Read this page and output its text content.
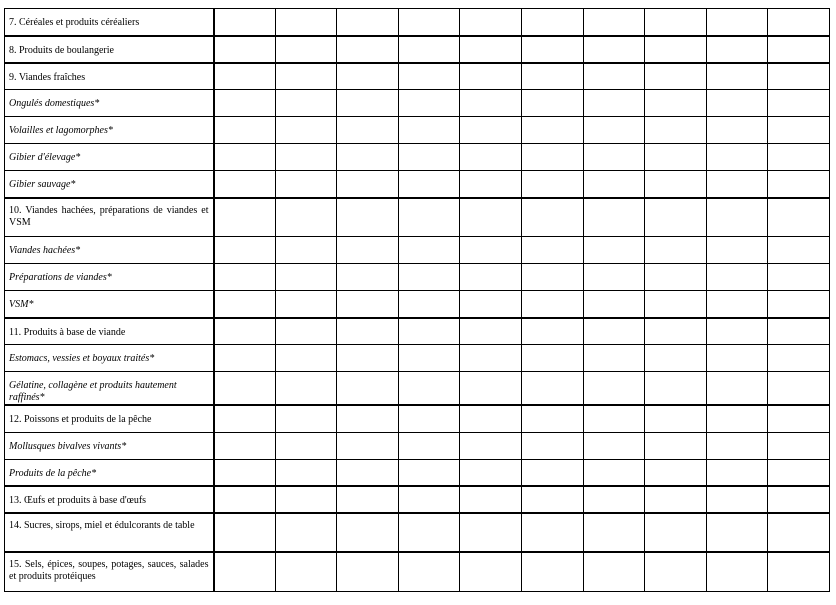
7. Céréales et produits céréaliers										
8. Produits de boulangerie										
9. Viandes fraîches										
Ongulés domestiques*										
Volailles et lagomorphes*										
Gibier d'élevage*										
Gibier sauvage*										
10. Viandes hachées, préparations de viandes et VSM										
Viandes hachées*										
Préparations de viandes*										
VSM*										
11. Produits à base de viande										
Estomacs, vessies et boyaux traités*										
Gélatine, collagène et produits hautement raffinés*										
12. Poissons et produits de la pêche										
Mollusques bivalves vivants*										
Produits de la pêche*										
13. Œufs et produits à base d'œufs										
14. Sucres, sirops, miel et édulcorants de table										
15. Sels, épices, soupes, potages, sauces, salades et produits protéiques										
